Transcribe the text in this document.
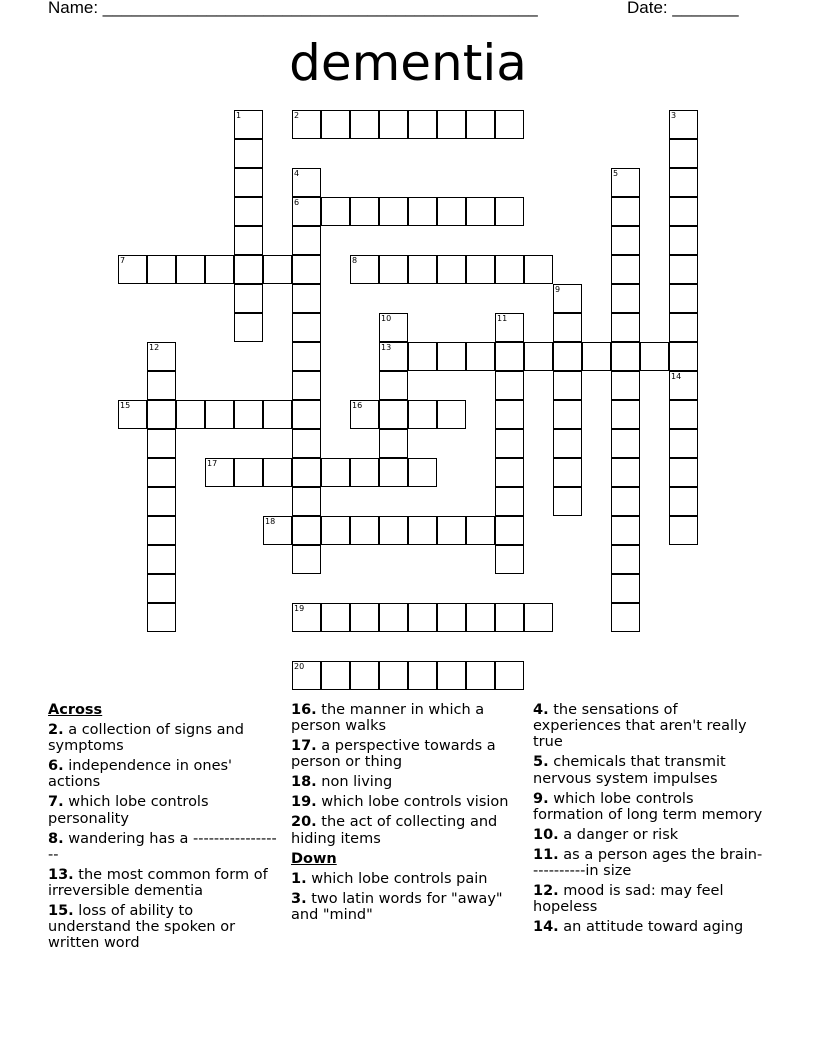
Name: ______________________________________________	Date: _______
dementia
1	2	3
4
6
5
7	8
9
10
13
11
12
14
15	16
17
18
19
20
Across
2. a collection of signs and symptoms
6. independence in ones' actions
7. which lobe controls personality
8. wandering has a ------------------
13. the most common form of irreversible dementia
15. loss of ability to understand the spoken or written word
16. the manner in which a person walks
17. a perspective towards a person or thing
18. non living
19. which lobe controls vision
20. the act of collecting and hiding items
Down
1. which lobe controls pain
3. two latin words for "away" and "mind"
4. the sensations of experiences that aren't really true
5. chemicals that transmit nervous system impulses
9. which lobe controls formation of long term memory
10. a danger or risk
11. as a person ages the brain-----------in size
12. mood is sad: may feel hopeless
14. an attitude toward aging
